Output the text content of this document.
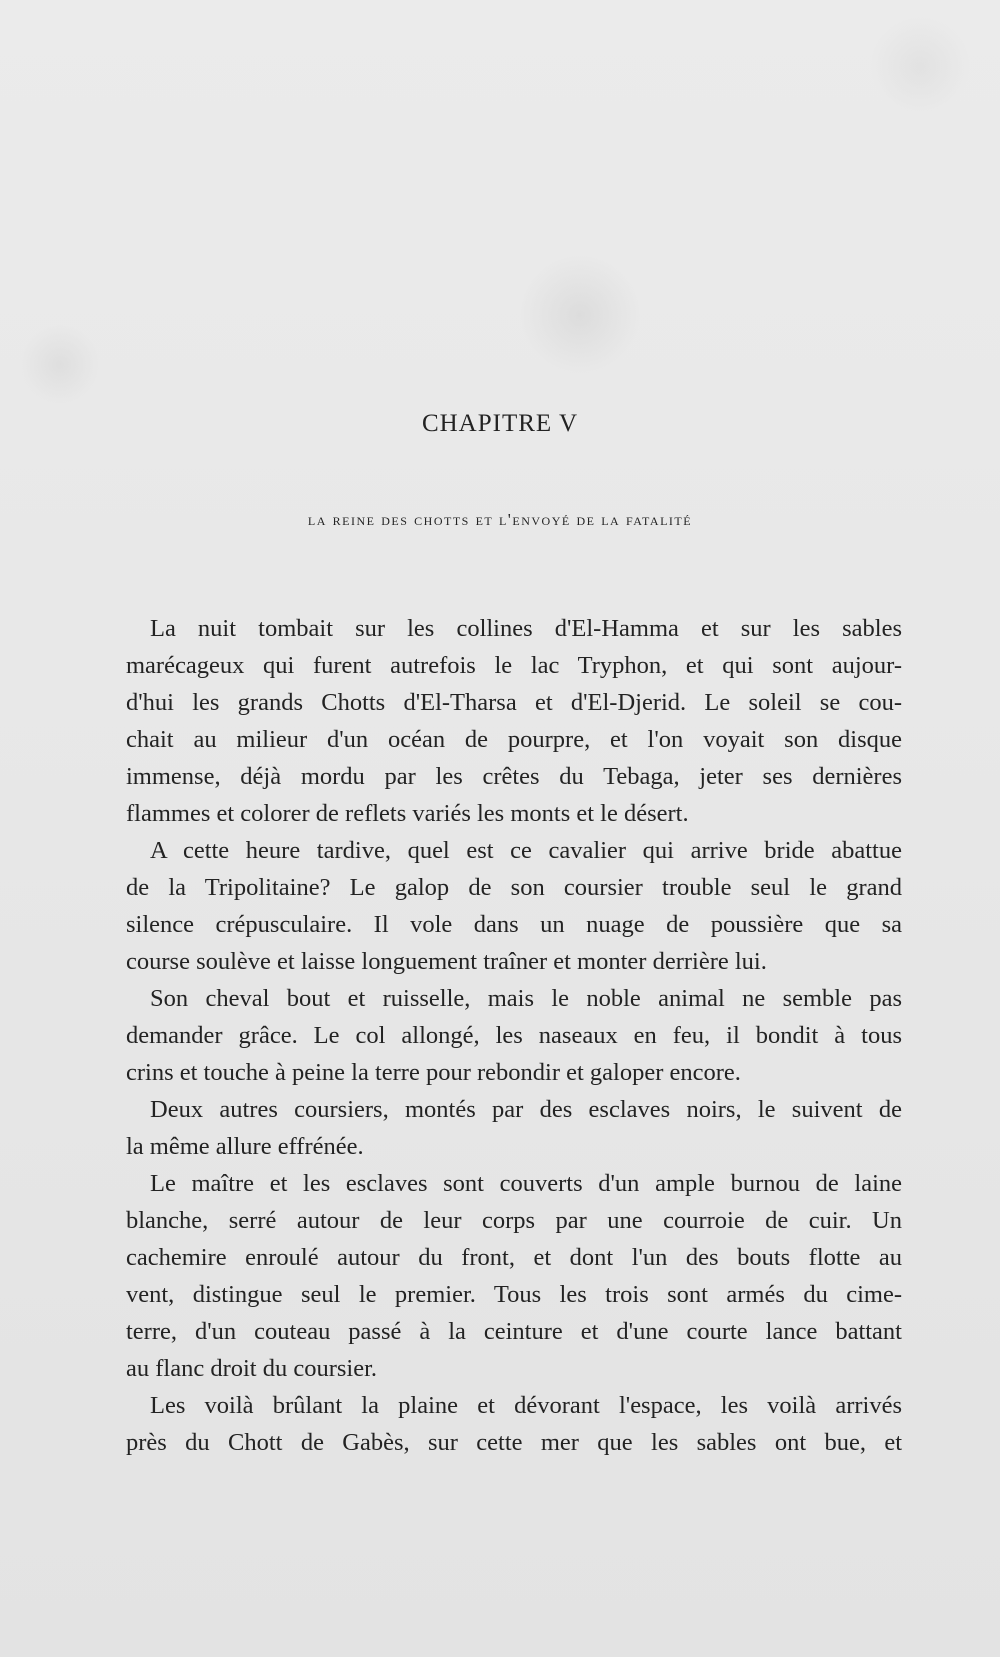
CHAPITRE V
la reine des chotts et l'envoyé de la fatalité
La nuit tombait sur les collines d'El-Hamma et sur les sables
marécageux qui furent autrefois le lac Tryphon, et qui sont aujour-
d'hui les grands Chotts d'El-Tharsa et d'El-Djerid. Le soleil se cou-
chait au milieur d'un océan de pourpre, et l'on voyait son disque
immense, déjà mordu par les crêtes du Tebaga, jeter ses dernières
flammes et colorer de reflets variés les monts et le désert.
A cette heure tardive, quel est ce cavalier qui arrive bride abattue
de la Tripolitaine? Le galop de son coursier trouble seul le grand
silence crépusculaire. Il vole dans un nuage de poussière que sa
course soulève et laisse longuement traîner et monter derrière lui.
Son cheval bout et ruisselle, mais le noble animal ne semble pas
demander grâce. Le col allongé, les naseaux en feu, il bondit à tous
crins et touche à peine la terre pour rebondir et galoper encore.
Deux autres coursiers, montés par des esclaves noirs, le suivent de
la même allure effrénée.
Le maître et les esclaves sont couverts d'un ample burnou de laine
blanche, serré autour de leur corps par une courroie de cuir. Un
cachemire enroulé autour du front, et dont l'un des bouts flotte au
vent, distingue seul le premier. Tous les trois sont armés du cime-
terre, d'un couteau passé à la ceinture et d'une courte lance battant
au flanc droit du coursier.
Les voilà brûlant la plaine et dévorant l'espace, les voilà arrivés
près du Chott de Gabès, sur cette mer que les sables ont bue, et
